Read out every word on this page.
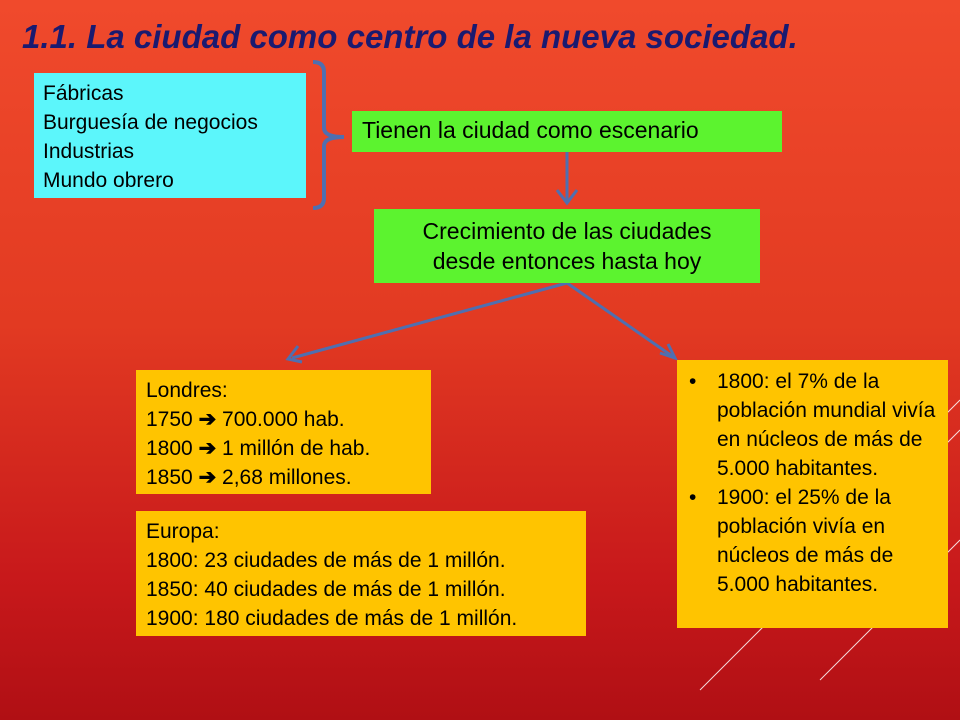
1.1. La ciudad como centro de la nueva sociedad.
Fábricas
Burguesía de negocios
Industrias
Mundo obrero
Tienen la ciudad como escenario
Crecimiento de las ciudades
desde entonces hasta hoy
Londres:
1750 ➔ 700.000 hab.
1800 ➔ 1 millón de hab.
1850 ➔ 2,68 millones.
Europa:
1800: 23 ciudades de más de 1 millón.
1850: 40 ciudades de más de 1 millón.
1900: 180 ciudades de más de 1 millón.
• 1800: el 7% de la población mundial vivía en núcleos de más de 5.000 habitantes.
• 1900: el 25% de la población vivía en núcleos de más de 5.000 habitantes.
